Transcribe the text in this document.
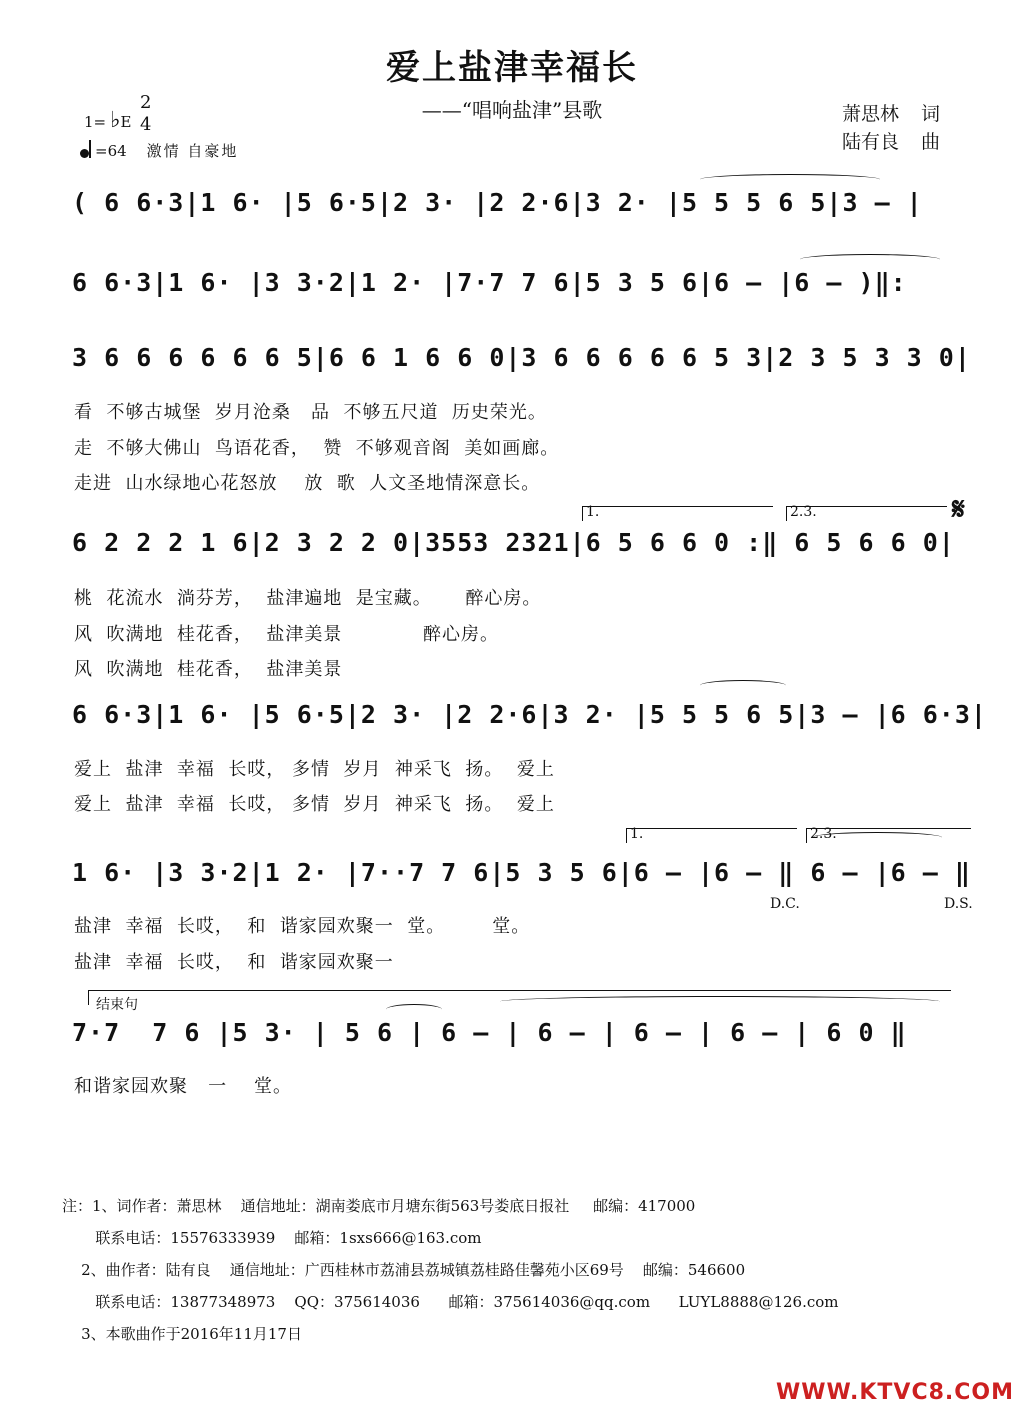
爱上盐津幸福长
——“唱响盐津”县歌
1= ♭E
2
4
=64 激情 自豪地
萧思林 词
陆有良 曲
( 6 6·3|1 6· |5 6·5|2 3· |2 2·6|3 2· |5 5 5 6 5|3 – |
6 6·3|1 6· |3 3·2|1 2· |7·7 7 6|5 3 5 6|6 – |6 – )‖:
3 6 6 6 6 6 6 5|6 6 1 6 6 0|3 6 6 6 6 6 5 3|2 3 5 3 3 0|
看  不够古城堡  岁月沧桑   品  不够五尺道  历史荣光。
走  不够大佛山  鸟语花香，  赞  不够观音阁  美如画廊。
走进  山水绿地心花怒放    放  歌  人文圣地情深意长。
1.	2.3.	𝄋
6 2 2 2 1 6|2 3 2 2 0|3553 2321|6 5 6 6 0 :‖ 6 5 6 6 0|
桃  花流水  淌芬芳，  盐津遍地  是宝藏。     醉心房。
风  吹满地  桂花香，  盐津美景            醉心房。
风  吹满地  桂花香，  盐津美景
6 6·3|1 6· |5 6·5|2 3· |2 2·6|3 2· |5 5 5 6 5|3 – |6 6·3|
爱上  盐津  幸福  长哎， 多情  岁月  神采飞  扬。  爱上
爱上  盐津  幸福  长哎， 多情  岁月  神采飞  扬。  爱上
1.	2.3.
1 6· |3 3·2|1 2· |7··7 7 6|5 3 5 6|6 – |6 – ‖ 6 – |6 – ‖
D.C.	D.S.
盐津  幸福  长哎，  和  谐家园欢聚一  堂。       堂。
盐津  幸福  长哎，  和  谐家园欢聚一
结束句
7·7  7 6 |5 3· | 5 6 | 6 – | 6 – | 6 – | 6 – | 6 0 ‖
和谐家园欢聚   一    堂。
注：1、词作者：萧思林    通信地址：湖南娄底市月塘东街563号娄底日报社     邮编：417000
联系电话：15576333939    邮箱：1sxs666@163.com
2、曲作者：陆有良    通信地址：广西桂林市荔浦县荔城镇荔桂路佳馨苑小区69号    邮编：546600
联系电话：13877348973    QQ：375614036      邮箱：375614036@qq.com      LUYL8888@126.com
3、本歌曲作于2016年11月17日
WWW.KTVC8.COM
